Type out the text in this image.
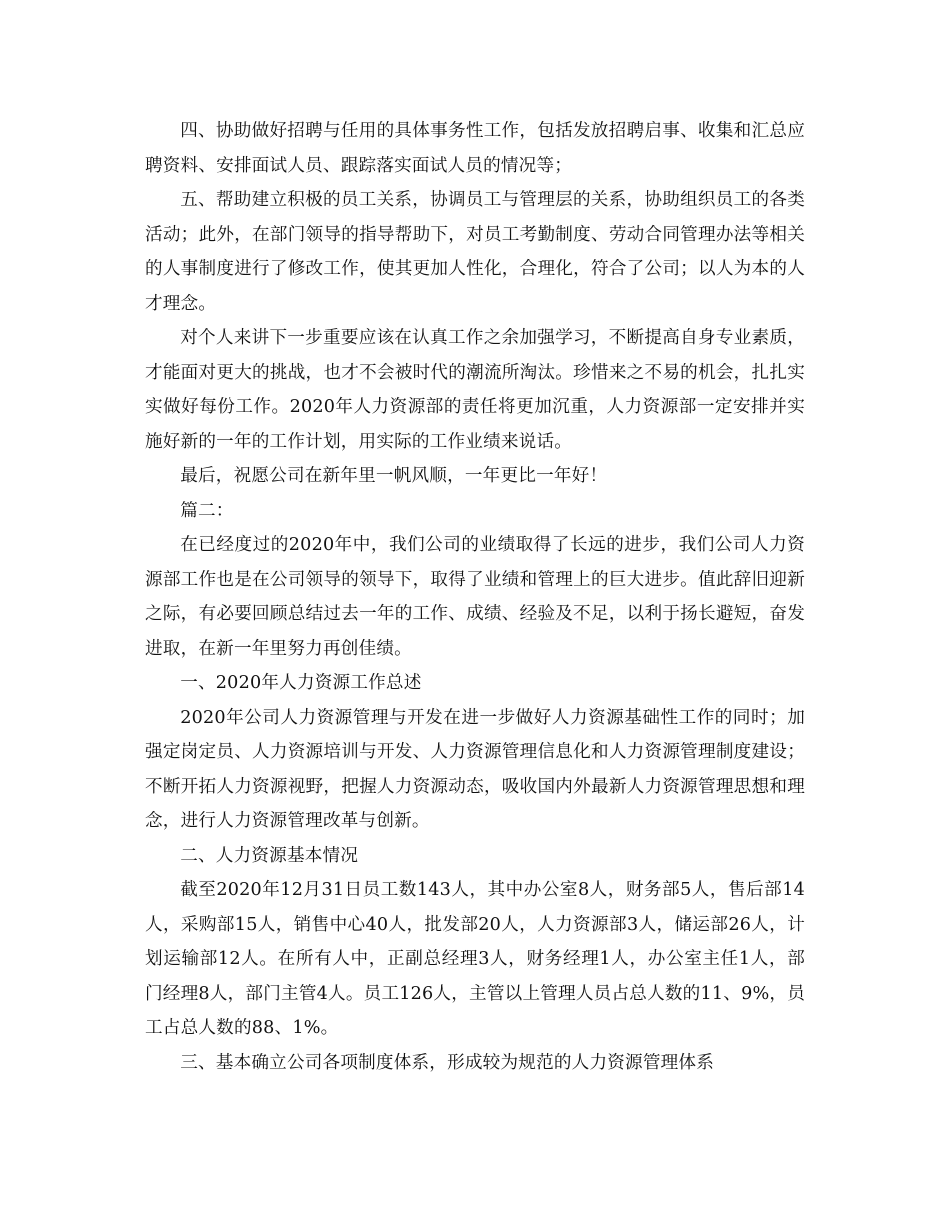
四、协助做好招聘与任用的具体事务性工作，包括发放招聘启事、收集和汇总应聘资料、安排面试人员、跟踪落实面试人员的情况等；

五、帮助建立积极的员工关系，协调员工与管理层的关系，协助组织员工的各类活动；此外，在部门领导的指导帮助下，对员工考勤制度、劳动合同管理办法等相关的人事制度进行了修改工作，使其更加人性化，合理化，符合了公司；以人为本的人才理念。

对个人来讲下一步重要应该在认真工作之余加强学习，不断提高自身专业素质，才能面对更大的挑战，也才不会被时代的潮流所淘汰。珍惜来之不易的机会，扎扎实实做好每份工作。2020年人力资源部的责任将更加沉重，人力资源部一定安排并实施好新的一年的工作计划，用实际的工作业绩来说话。

最后，祝愿公司在新年里一帆风顺，一年更比一年好！

篇二：

在已经度过的2020年中，我们公司的业绩取得了长远的进步，我们公司人力资源部工作也是在公司领导的领导下，取得了业绩和管理上的巨大进步。值此辞旧迎新之际，有必要回顾总结过去一年的工作、成绩、经验及不足，以利于扬长避短，奋发进取，在新一年里努力再创佳绩。

一、2020年人力资源工作总述

2020年公司人力资源管理与开发在进一步做好人力资源基础性工作的同时；加强定岗定员、人力资源培训与开发、人力资源管理信息化和人力资源管理制度建设；不断开拓人力资源视野，把握人力资源动态，吸收国内外最新人力资源管理思想和理念，进行人力资源管理改革与创新。

二、人力资源基本情况

截至2020年12月31日员工数143人，其中办公室8人，财务部5人，售后部14人，采购部15人，销售中心40人，批发部20人，人力资源部3人，储运部26人，计划运输部12人。在所有人中，正副总经理3人，财务经理1人，办公室主任1人，部门经理8人，部门主管4人。员工126人，主管以上管理人员占总人数的11、9%，员工占总人数的88、1%。

三、基本确立公司各项制度体系，形成较为规范的人力资源管理体系
